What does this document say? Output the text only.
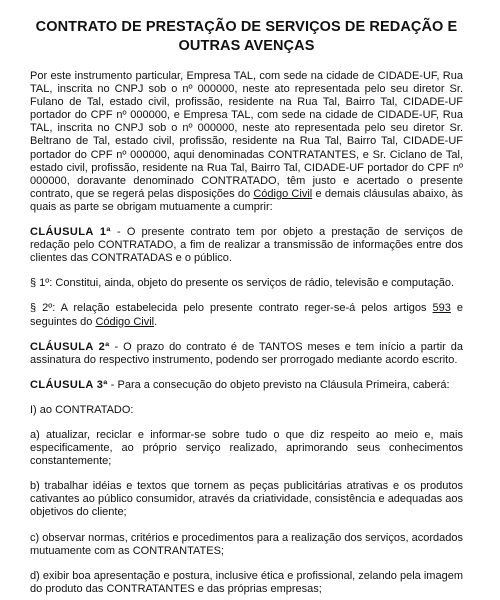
CONTRATO DE PRESTAÇÃO DE SERVIÇOS DE REDAÇÃO E OUTRAS AVENÇAS

Por este instrumento particular, Empresa TAL, com sede na cidade de CIDADE-UF, Rua TAL, inscrita no CNPJ sob o nº 000000, neste ato representada pelo seu diretor Sr. Fulano de Tal, estado civil, profissão, residente na Rua Tal, Bairro Tal, CIDADE-UF portador do CPF nº 000000, e Empresa TAL, com sede na cidade de CIDADE-UF, Rua TAL, inscrita no CNPJ sob o nº 000000, neste ato representada pelo seu diretor Sr. Beltrano de Tal, estado civil, profissão, residente na Rua Tal, Bairro Tal, CIDADE-UF portador do CPF nº 000000, aqui denominadas CONTRATANTES, e Sr. Ciclano de Tal, estado civil, profissão, residente na Rua Tal, Bairro Tal, CIDADE-UF portador do CPF nº 000000, doravante denominado CONTRATADO, têm justo e acertado o presente contrato, que se regerá pelas disposições do Código Civil e demais cláusulas abaixo, às quais as parte se obrigam mutuamente a cumprir:

CLÁUSULA 1ª - O presente contrato tem por objeto a prestação de serviços de redação pelo CONTRATADO, a fim de realizar a transmissão de informações entre dos clientes das CONTRATADAS e o público.

§ 1º: Constitui, ainda, objeto do presente os serviços de rádio, televisão e computação.

§ 2º: A relação estabelecida pelo presente contrato reger-se-á pelos artigos 593 e seguintes do Código Civil.

CLÁUSULA 2ª - O prazo do contrato é de TANTOS meses e tem início a partir da assinatura do respectivo instrumento, podendo ser prorrogado mediante acordo escrito.

CLÁUSULA 3ª - Para a consecução do objeto previsto na Cláusula Primeira, caberá:

I) ao CONTRATADO:

a) atualizar, reciclar e informar-se sobre tudo o que diz respeito ao meio e, mais especificamente, ao próprio serviço realizado, aprimorando seus conhecimentos constantemente;

b) trabalhar idéias e textos que tornem as peças publicitárias atrativas e os produtos cativantes ao público consumidor, através da criatividade, consistência e adequadas aos objetivos do cliente;

c) observar normas, critérios e procedimentos para a realização dos serviços, acordados mutuamente com as CONTRANTATES;

d) exibir boa apresentação e postura, inclusive ética e profissional, zelando pela imagem do produto das CONTRATANTES e das próprias empresas;
